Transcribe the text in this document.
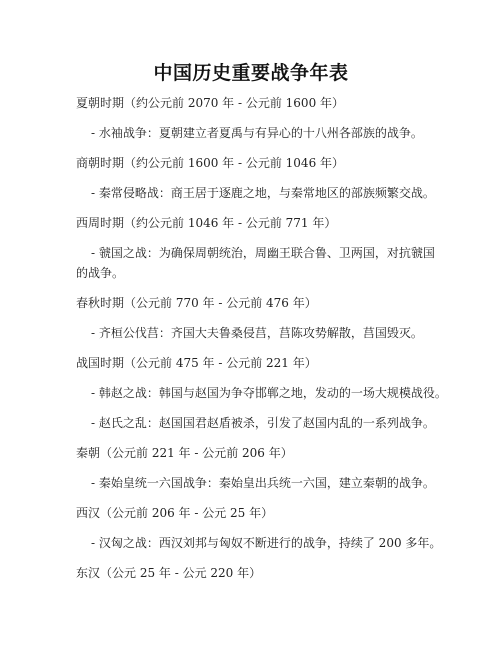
中国历史重要战争年表
夏朝时期（约公元前 2070 年 - 公元前 1600 年）
- 水袖战争：夏朝建立者夏禹与有异心的十八州各部族的战争。
商朝时期（约公元前 1600 年 - 公元前 1046 年）
- 秦常侵略战：商王居于逐鹿之地，与秦常地区的部族频繁交战。
西周时期（约公元前 1046 年 - 公元前 771 年）
- 虢国之战：为确保周朝统治，周幽王联合鲁、卫两国，对抗虢国
的战争。
春秋时期（公元前 770 年 - 公元前 476 年）
- 齐桓公伐莒：齐国大夫鲁桑侵莒，莒陈攻势解散，莒国毁灭。
战国时期（公元前 475 年 - 公元前 221 年）
- 韩赵之战：韩国与赵国为争夺邯郸之地，发动的一场大规模战役。
- 赵氏之乱：赵国国君赵盾被杀，引发了赵国内乱的一系列战争。
秦朝（公元前 221 年 - 公元前 206 年）
- 秦始皇统一六国战争：秦始皇出兵统一六国，建立秦朝的战争。
西汉（公元前 206 年 - 公元 25 年）
- 汉匈之战：西汉刘邦与匈奴不断进行的战争，持续了 200 多年。
东汉（公元 25 年 - 公元 220 年）
